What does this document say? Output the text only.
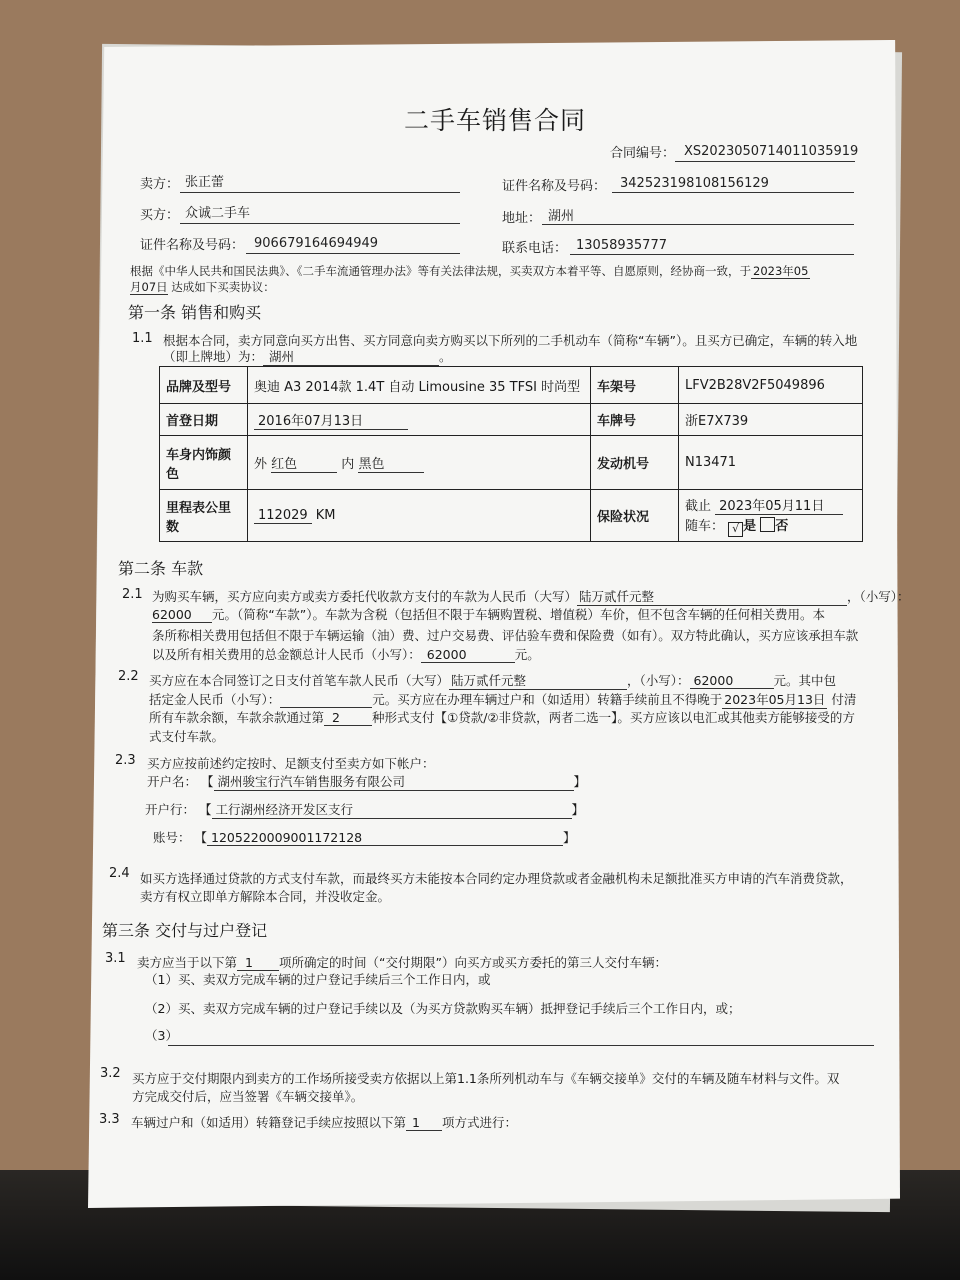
二手车销售合同
合同编号： XS2023050714011035919
卖方： 张正蕾	证件名称及号码： 342523198108156129
买方： 众诚二手车	地址： 湖州
证件名称及号码： 906679164694949	联系电话： 13058935777
根据《中华人民共和国民法典》、《二手车流通管理办法》等有关法律法规，买卖双方本着平等、自愿原则，经协商一致，于 2023年05
月07日 达成如下买卖协议：
第一条 销售和购买
1.1 根据本合同，卖方同意向买方出售、买方同意向卖方购买以下所列的二手机动车（简称“车辆”）。且买方已确定，车辆的转入地
（即上牌地）为： 湖州	。
品牌及型号	奥迪 A3 2014款 1.4T 自动 Limousine 35 TFSI 时尚型	车架号	LFV2B28V2F5049896
首登日期	2016年07月13日	车牌号	浙E7X739
车身内饰颜
色	外 红色 内 黑色	发动机号	N13471
里程表公里
数	112029 KM	保险状况	截止 2023年05月11日
随车： √ 是 否
第二条 车款
2.1 为购买车辆，买方应向卖方或卖方委托代收款方支付的车款为人民币（大写） 陆万贰仟元整	，（小写）：
62000 元。（简称“车款”）。车款为含税（包括但不限于车辆购置税、增值税）车价，但不包含车辆的任何相关费用。本
条所称相关费用包括但不限于车辆运输（油）费、过户交易费、评估验车费和保险费（如有）。双方特此确认，买方应该承担车款
以及所有相关费用的总金额总计人民币（小写）： 62000	元。
2.2 买方应在本合同签订之日支付首笔车款人民币（大写） 陆万贰仟元整	，（小写）： 62000	元。其中包
括定金人民币（小写）：	元。买方应在办理车辆过户和（如适用）转籍手续前且不得晚于 2023年05月13日 付清
所有车款余额，车款余款通过第 2	种形式支付【①贷款/②非贷款，两者二选一】。买方应该以电汇或其他卖方能够接受的方
式支付车款。
2.3 买方应按前述约定按时、足额支付至卖方如下帐户：
开户名： 【 湖州骏宝行汽车销售服务有限公司	】
开户行： 【 工行湖州经济开发区支行	】
账号： 【 1205220009001172128	】
2.4 如买方选择通过贷款的方式支付车款，而最终买方未能按本合同约定办理贷款或者金融机构未足额批准买方申请的汽车消费贷款，
卖方有权立即单方解除本合同，并没收定金。
第三条 交付与过户登记
3.1 卖方应当于以下第 1 项所确定的时间（“交付期限”）向买方或买方委托的第三人交付车辆：
（1）买、卖双方完成车辆的过户登记手续后三个工作日内，或
（2）买、卖双方完成车辆的过户登记手续以及（为买方贷款购买车辆）抵押登记手续后三个工作日内，或；
（3）
3.2 买方应于交付期限内到卖方的工作场所接受卖方依据以上第1.1条所列机动车与《车辆交接单》交付的车辆及随车材料与文件。双
方完成交付后，应当签署《车辆交接单》。
3.3 车辆过户和（如适用）转籍登记手续应按照以下第 1 项方式进行：
